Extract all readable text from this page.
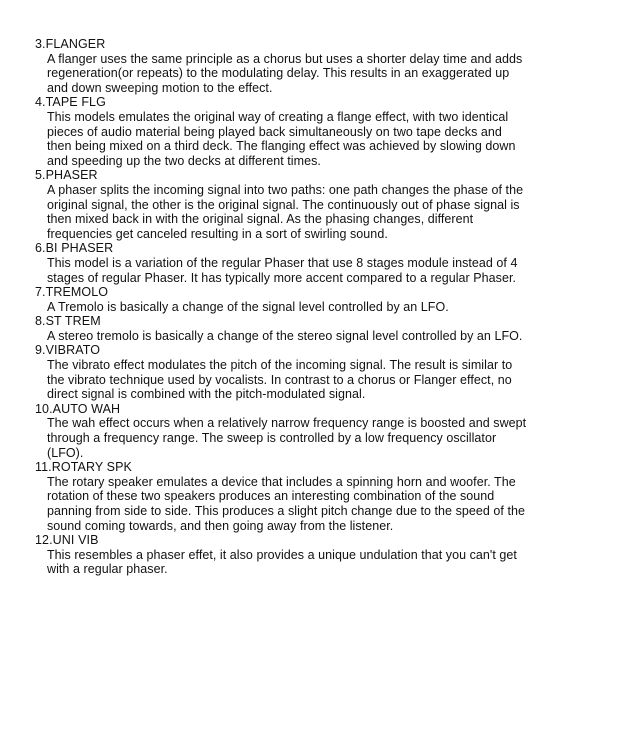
3.FLANGER
A flanger uses the same principle as a chorus but uses a shorter delay time and adds
regeneration(or repeats) to the modulating delay. This results in an exaggerated up
and down sweeping motion to the effect.
4.TAPE FLG
This models emulates the original way of creating a flange effect, with two identical
pieces of audio material being played back simultaneously on two tape decks and
then being mixed on a third deck. The flanging effect was achieved by slowing down
and speeding up the two decks at different times.
5.PHASER
A phaser splits the incoming signal into two paths: one path changes the phase of the
original signal, the other is the original signal. The continuously out of phase signal is
then mixed back in with the original signal. As the phasing changes, different
frequencies get canceled resulting in a sort of swirling sound.
6.BI PHASER
This model is a variation of the regular Phaser that use 8 stages module instead of 4
stages of regular Phaser. It has typically more accent compared to a regular Phaser.
7.TREMOLO
A Tremolo is basically a change of the signal level controlled by an LFO.
8.ST TREM
A stereo tremolo is basically a change of the stereo signal level controlled by an LFO.
9.VIBRATO
The vibrato effect modulates the pitch of the incoming signal. The result is similar to
the vibrato technique used by vocalists. In contrast to a chorus or Flanger effect, no
direct signal is combined with the pitch-modulated signal.
10.AUTO WAH
The wah effect occurs when a relatively narrow frequency range is boosted and swept
through a frequency range. The sweep is controlled by a low frequency oscillator
(LFO).
11.ROTARY SPK
The rotary speaker emulates a device that includes a spinning horn and woofer. The
rotation of these two speakers produces an interesting combination of the sound
panning from side to side. This produces a slight pitch change due to the speed of the
sound coming towards, and then going away from the listener.
12.UNI VIB
This resembles a phaser effet, it also provides a unique undulation that you can't get
with a regular phaser.
